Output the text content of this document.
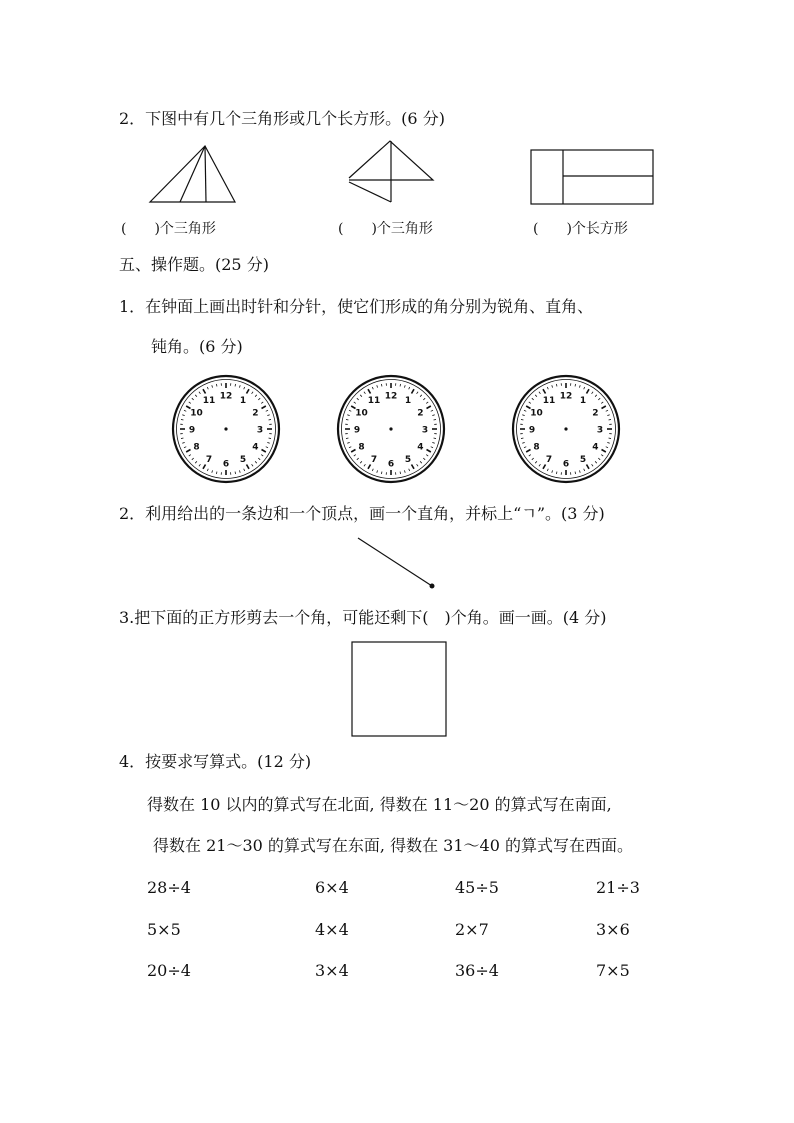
2．下图中有几个三角形或几个长方形。(6 分)
(　　)个三角形	(　　)个三角形	(　　)个长方形
五、操作题。(25 分)
1．在钟面上画出时针和分针，使它们形成的角分别为锐角、直角、
钝角。(6 分)
12 1
2
3
4
5
6
7
8
9
10
11	12 1
2
3
4
5
6
7
8
9
10
11	12 1
2
3
4
5
6
7
8
9
10
11
2．利用给出的一条边和一个顶点，画一个直角，并标上“ㄱ”。(3 分)
3.把下面的正方形剪去一个角，可能还剩下(　)个角。画一画。(4 分)
4．按要求写算式。(12 分)
得数在 10 以内的算式写在北面, 得数在 11～20 的算式写在南面,
得数在 21～30 的算式写在东面, 得数在 31～40 的算式写在西面。
28÷4	6×4	45÷5	21÷3
5×5	4×4	2×7	3×6
20÷4	3×4	36÷4	7×5
